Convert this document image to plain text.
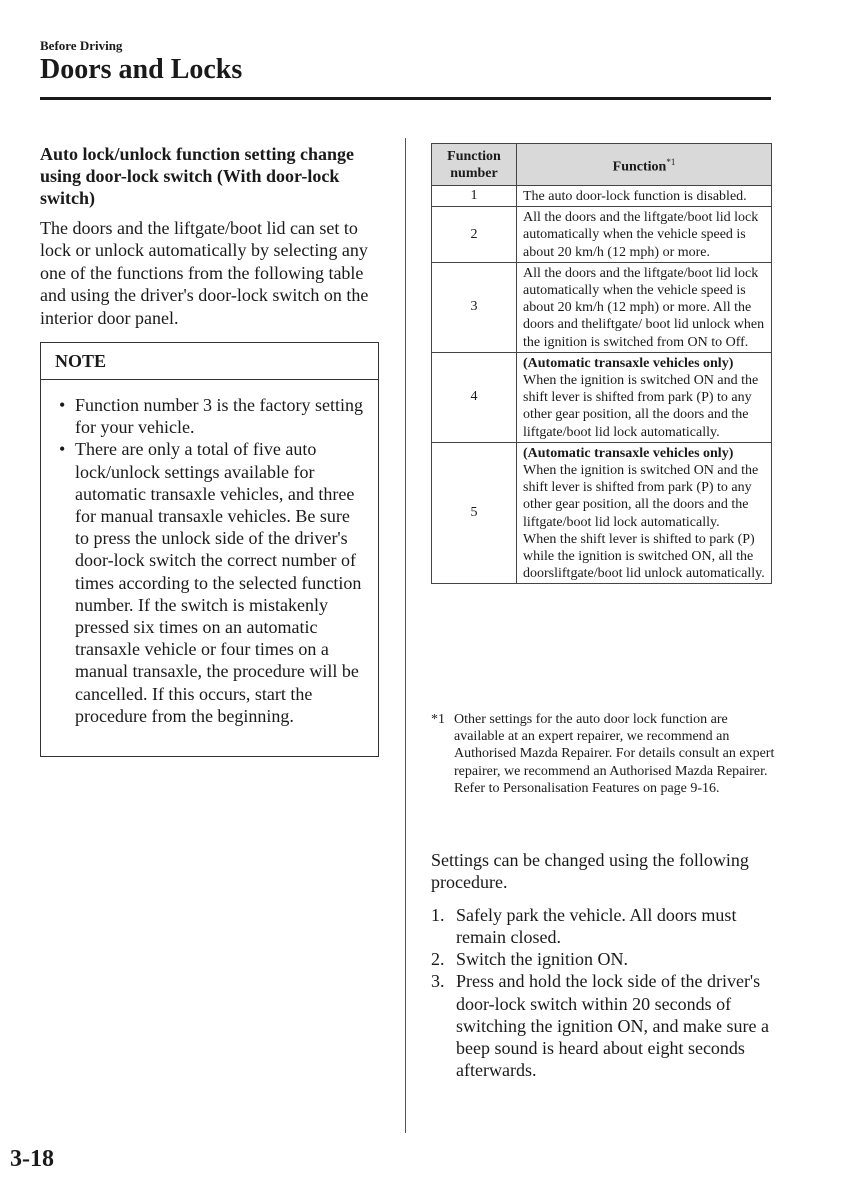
Before Driving
Doors and Locks
Auto lock/unlock function setting change using door-lock switch (With door-lock switch)

The doors and the liftgate/boot lid can set to lock or unlock automatically by selecting any one of the functions from the following table and using the driver's door-lock switch on the interior door panel.

NOTE
• Function number 3 is the factory setting for your vehicle.
• There are only a total of five auto lock/unlock settings available for automatic transaxle vehicles, and three for manual transaxle vehicles. Be sure to press the unlock side of the driver's door-lock switch the correct number of times according to the selected function number. If the switch is mistakenly pressed six times on an automatic transaxle vehicle or four times on a manual transaxle, the procedure will be cancelled. If this occurs, start the procedure from the beginning.
Function number	Function$^{*1}$
1	The auto door-lock function is disabled.

2	All the doors and the liftgate/boot lid lock automatically when the vehicle speed is about 20 km/h (12 mph) or more.

3	All the doors and the liftgate/boot lid lock automatically when the vehicle speed is about 20 km/h (12 mph) or more. All the doors and theliftgate/ boot lid unlock when the ignition is switched from ON to Off.

4	(Automatic transaxle vehicles only)
When the ignition is switched ON and the shift lever is shifted from park (P) to any other gear position, all the doors and the liftgate/boot lid lock automatically.

5	(Automatic transaxle vehicles only)
When the ignition is switched ON and the shift lever is shifted from park (P) to any other gear position, all the doors and the liftgate/boot lid lock automatically.
When the shift lever is shifted to park (P) while the ignition is switched ON, all the doorsliftgate/boot lid unlock automatically.
*1 Other settings for the auto door lock function are available at an expert repairer, we recommend an Authorised Mazda Repairer. For details consult an expert repairer, we recommend an Authorised Mazda Repairer. Refer to Personalisation Features on page 9-16.

Settings can be changed using the following procedure.

1. Safely park the vehicle. All doors must remain closed.
2. Switch the ignition ON.
3. Press and hold the lock side of the driver's door-lock switch within 20 seconds of switching the ignition ON, and make sure a beep sound is heard about eight seconds afterwards.
3-18
